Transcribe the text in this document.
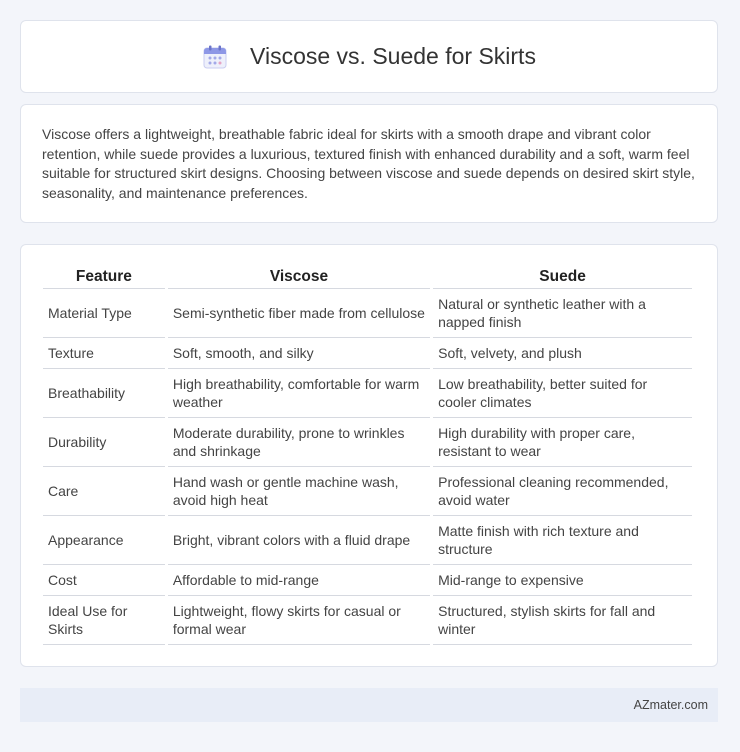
Viscose vs. Suede for Skirts

Viscose offers a lightweight, breathable fabric ideal for skirts with a smooth drape and vibrant color retention, while suede provides a luxurious, textured finish with enhanced durability and a soft, warm feel suitable for structured skirt designs. Choosing between viscose and suede depends on desired skirt style, seasonality, and maintenance preferences.

Feature	Viscose	Suede
Material Type	Semi-synthetic fiber made from cellulose	Natural or synthetic leather with a napped finish
Texture	Soft, smooth, and silky	Soft, velvety, and plush
Breathability	High breathability, comfortable for warm weather	Low breathability, better suited for cooler climates
Durability	Moderate durability, prone to wrinkles and shrinkage	High durability with proper care, resistant to wear
Care	Hand wash or gentle machine wash, avoid high heat	Professional cleaning recommended, avoid water
Appearance	Bright, vibrant colors with a fluid drape	Matte finish with rich texture and structure
Cost	Affordable to mid-range	Mid-range to expensive
Ideal Use for Skirts	Lightweight, flowy skirts for casual or formal wear	Structured, stylish skirts for fall and winter
AZmater.com
